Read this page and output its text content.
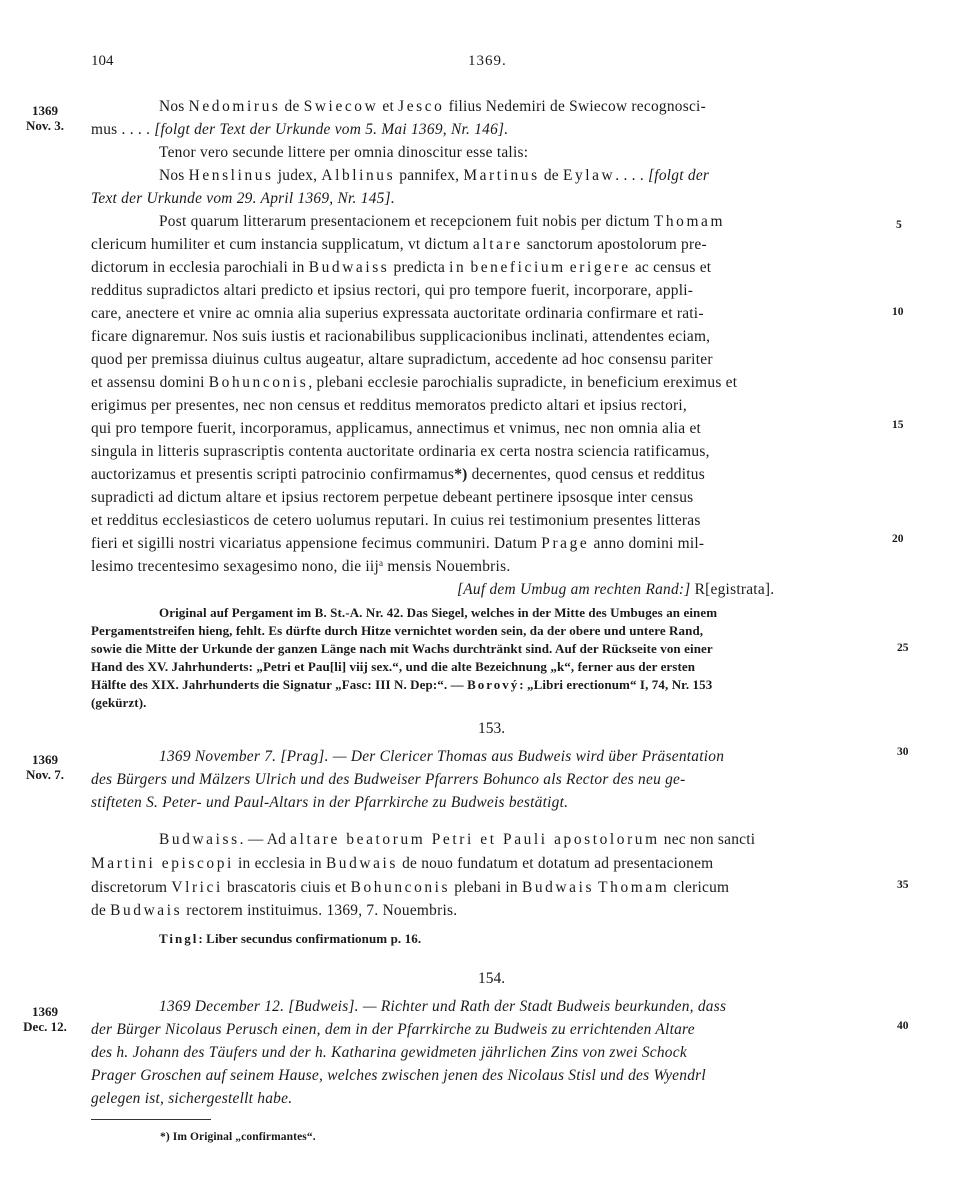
104	1369.
1369
Nov. 3.
1369
Nov. 7.
1369
Dec. 12.
5
10
15
20
25
30
35
40
Nos Nedomirus de Swiecow et Jesco filius Nedemiri de Swiecow recognosci-
mus . . . . [folgt der Text der Urkunde vom 5. Mai 1369, Nr. 146].
Tenor vero secunde littere per omnia dinoscitur esse talis:
Nos Henslinus judex, Alblinus pannifex, Martinus de Eylaw. . . . [folgt der
Text der Urkunde vom 29. April 1369, Nr. 145].
Post quarum litterarum presentacionem et recepcionem fuit nobis per dictum Thomam
clericum humiliter et cum instancia supplicatum, vt dictum altare sanctorum apostolorum pre-
dictorum in ecclesia parochiali in Budwaiss predicta in beneficium erigere ac census et
redditus supradictos altari predicto et ipsius rectori, qui pro tempore fuerit, incorporare, appli-
care, anectere et vnire ac omnia alia superius expressata auctoritate ordinaria confirmare et rati-
ficare dignaremur. Nos suis iustis et racionabilibus supplicacionibus inclinati, attendentes eciam,
quod per premissa diuinus cultus augeatur, altare supradictum, accedente ad hoc consensu pariter
et assensu domini Bohunconis, plebani ecclesie parochialis supradicte, in beneficium ereximus et
erigimus per presentes, nec non census et redditus memoratos predicto altari et ipsius rectori,
qui pro tempore fuerit, incorporamus, applicamus, annectimus et vnimus, nec non omnia alia et
singula in litteris suprascriptis contenta auctoritate ordinaria ex certa nostra sciencia ratificamus,
auctorizamus et presentis scripti patrocinio confirmamus*) decernentes, quod census et redditus
supradicti ad dictum altare et ipsius rectorem perpetue debeant pertinere ipsosque inter census
et redditus ecclesiasticos de cetero uolumus reputari. In cuius rei testimonium presentes litteras
fieri et sigilli nostri vicariatus appensione fecimus communiri. Datum Prage anno domini mil-
lesimo trecentesimo sexagesimo nono, die iij$^a$ mensis Nouembris.
[Auf dem Umbug am rechten Rand:] R[egistrata].
Original auf Pergament im B. St.-A. Nr. 42. Das Siegel, welches in der Mitte des Umbuges an einem
Pergamentstreifen hieng, fehlt. Es dürfte durch Hitze vernichtet worden sein, da der obere und untere Rand,
sowie die Mitte der Urkunde der ganzen Länge nach mit Wachs durchtränkt sind. Auf der Rückseite von einer
Hand des XV. Jahrhunderts: „Petri et Pau[li] viij sex.“, und die alte Bezeichnung „k“, ferner aus der ersten
Hälfte des XIX. Jahrhunderts die Signatur „Fasc: III N. Dep:“. — Borový: „Libri erectionum“ I, 74, Nr. 153
(gekürzt).
153.
1369 November 7. [Prag]. — Der Clericer Thomas aus Budweis wird über Präsentation
des Bürgers und Mälzers Ulrich und des Budweiser Pfarrers Bohunco als Rector des neu ge-
stifteten S. Peter- und Paul-Altars in der Pfarrkirche zu Budweis bestätigt.
Budwaiss. — Ad altare beatorum Petri et Pauli apostolorum nec non sancti
Martini episcopi in ecclesia in Budwais de nouo fundatum et dotatum ad presentacionem
discretorum Vlrici brascatoris ciuis et Bohunconis plebani in Budwais Thomam clericum
de Budwais rectorem instituimus. 1369, 7. Nouembris.
Tingl: Liber secundus confirmationum p. 16.
154.
1369 December 12. [Budweis]. — Richter und Rath der Stadt Budweis beurkunden, dass
der Bürger Nicolaus Perusch einen, dem in der Pfarrkirche zu Budweis zu errichtenden Altare
des h. Johann des Täufers und der h. Katharina gewidmeten jährlichen Zins von zwei Schock
Prager Groschen auf seinem Hause, welches zwischen jenen des Nicolaus Stisl und des Wyendrl
gelegen ist, sichergestellt habe.
*) Im Original „confirmantes“.
